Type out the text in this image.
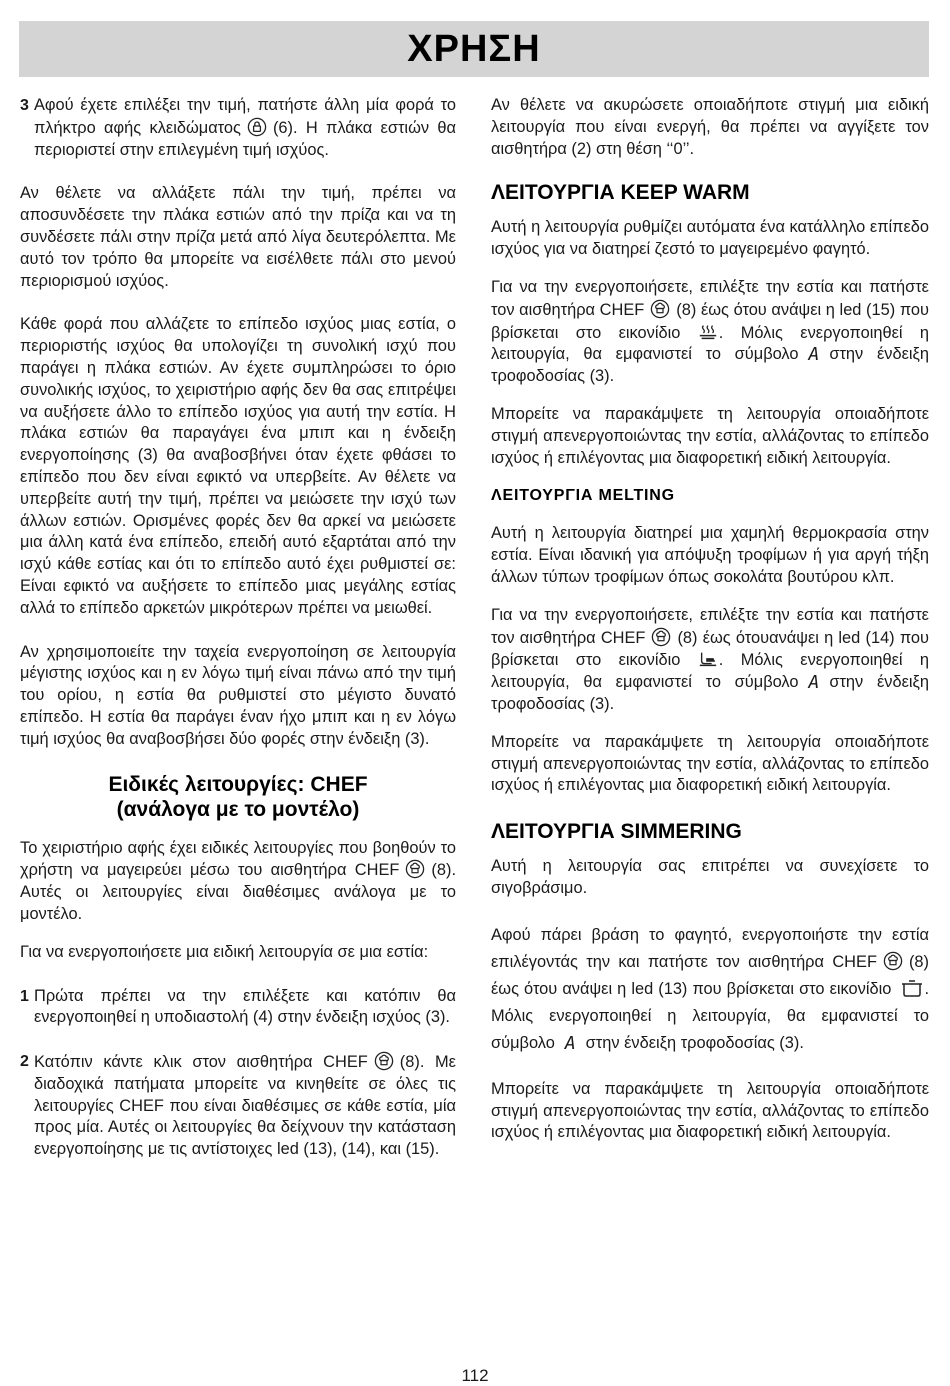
ΧΡΗΣΗ

3 Αφού έχετε επιλέξει την τιμή, πατήστε άλλη μία φορά το πλήκτρο αφής κλειδώματος (6). Η πλάκα εστιών θα περιοριστεί στην επιλεγμένη τιμή ισχύος.

Αν θέλετε να αλλάξετε πάλι την τιμή, πρέπει να αποσυνδέσετε την πλάκα εστιών από την πρίζα και να τη συνδέσετε πάλι στην πρίζα μετά από λίγα δευτερόλεπτα. Με αυτό τον τρόπο θα μπορείτε να εισέλθετε πάλι στο μενού περιορισμού ισχύος.

Κάθε φορά που αλλάζετε το επίπεδο ισχύος μιας εστία, ο περιοριστής ισχύος θα υπολογίζει τη συνολική ισχύ που παράγει η πλάκα εστιών. Αν έχετε συμπληρώσει το όριο συνολικής ισχύος, το χειριστήριο αφής δεν θα σας επιτρέψει να αυξήσετε άλλο το επίπεδο ισχύος για αυτή την εστία. Η πλάκα εστιών θα παραγάγει ένα μπιπ και η ένδειξη ενεργοποίησης (3) θα αναβοσβήνει όταν έχετε φθάσει το επίπεδο που δεν είναι εφικτό να υπερβείτε. Αν θέλετε να υπερβείτε αυτή την τιμή, πρέπει να μειώσετε την ισχύ των άλλων εστιών. Ορισμένες φορές δεν θα αρκεί να μειώσετε μια άλλη κατά ένα επίπεδο, επειδή αυτό εξαρτάται από την ισχύ κάθε εστίας και ότι το επίπεδο αυτό έχει ρυθμιστεί σε: Είναι εφικτό να αυξήσετε το επίπεδο μιας μεγάλης εστίας αλλά το επίπεδο αρκετών μικρότερων πρέπει να μειωθεί.

Αν χρησιμοποιείτε την ταχεία ενεργοποίηση σε λειτουργία μέγιστης ισχύος και η εν λόγω τιμή είναι πάνω από την τιμή του ορίου, η εστία θα ρυθμιστεί στο μέγιστο δυνατό επίπεδο. Η εστία θα παράγει έναν ήχο μπιπ και η εν λόγω τιμή ισχύος θα αναβοσβήσει δύο φορές στην ένδειξη (3).

Ειδικές λειτουργίες: CHEF
(ανάλογα με το μοντέλο)

Το χειριστήριο αφής έχει ειδικές λειτουργίες που βοηθούν το χρήστη να μαγειρεύει μέσω του αισθητήρα CHEF (8). Αυτές οι λειτουργίες είναι διαθέσιμες ανάλογα με το μοντέλο.

Για να ενεργοποιήσετε μια ειδική λειτουργία σε μια εστία:

1 Πρώτα πρέπει να την επιλέξετε και κατόπιν θα ενεργοποιηθεί η υποδιαστολή (4) στην ένδειξη ισχύος (3).

2 Κατόπιν κάντε κλικ στον αισθητήρα CHEF (8). Με διαδοχικά πατήματα μπορείτε να κινηθείτε σε όλες τις λειτουργίες CHEF που είναι διαθέσιμες σε κάθε εστία, μία προς μία. Αυτές οι λειτουργίες θα δείχνουν την κατάσταση ενεργοποίησης με τις αντίστοιχες led (13), (14), και (15).

Αν θέλετε να ακυρώσετε οποιαδήποτε στιγμή μια ειδική λειτουργία που είναι ενεργή, θα πρέπει να αγγίξετε τον αισθητήρα (2) στη θέση ‘‘0’’.

ΛΕΙΤΟΥΡΓΙΑ KEEP WARM

Αυτή η λειτουργία ρυθμίζει αυτόματα ένα κατάλληλο επίπεδο ισχύος για να διατηρεί ζεστό το μαγειρεμένο φαγητό.

Για να την ενεργοποιήσετε, επιλέξτε την εστία και πατήστε τον αισθητήρα CHEF (8) έως ότου ανάψει η led (15) που βρίσκεται στο εικονίδιο . Μόλις ενεργοποιηθεί η λειτουργία, θα εμφανιστεί το σύμβολο A στην ένδειξη τροφοδοσίας (3).

Μπορείτε να παρακάμψετε τη λειτουργία οποιαδήποτε στιγμή απενεργοποιώντας την εστία, αλλάζοντας το επίπεδο ισχύος ή επιλέγοντας μια διαφορετική ειδική λειτουργία.

ΛΕΙΤΟΥΡΓΙΑ MELTING

Αυτή η λειτουργία διατηρεί μια χαμηλή θερμοκρασία στην εστία. Είναι ιδανική για απόψυξη τροφίμων ή για αργή τήξη άλλων τύπων τροφίμων όπως σοκολάτα βουτύρου κλπ.

Για να την ενεργοποιήσετε, επιλέξτε την εστία και πατήστε τον αισθητήρα CHEF (8) έως ότουανάψει η led (14) που βρίσκεται στο εικονίδιο . Μόλις ενεργοποιηθεί η λειτουργία, θα εμφανιστεί το σύμβολο A στην ένδειξη τροφοδοσίας (3).

Μπορείτε να παρακάμψετε τη λειτουργία οποιαδήποτε στιγμή απενεργοποιώντας την εστία, αλλάζοντας το επίπεδο ισχύος ή επιλέγοντας μια διαφορετική ειδική λειτουργία.

ΛΕΙΤΟΥΡΓΙΑ SIMMERING

Αυτή η λειτουργία σας επιτρέπει να συνεχίσετε το σιγοβράσιμο.

Αφού πάρει βράση το φαγητό, ενεργοποιήστε την εστία επιλέγοντάς την και πατήστε τον αισθητήρα CHEF (8) έως ότου ανάψει η led (13) που βρίσκεται στο εικονίδιο . Μόλις ενεργοποιηθεί η λειτουργία, θα εμφανιστεί το σύμβολο A στην ένδειξη τροφοδοσίας (3).

Μπορείτε να παρακάμψετε τη λειτουργία οποιαδήποτε στιγμή απενεργοποιώντας την εστία, αλλάζοντας το επίπεδο ισχύος ή επιλέγοντας μια διαφορετική ειδική λειτουργία.

112
